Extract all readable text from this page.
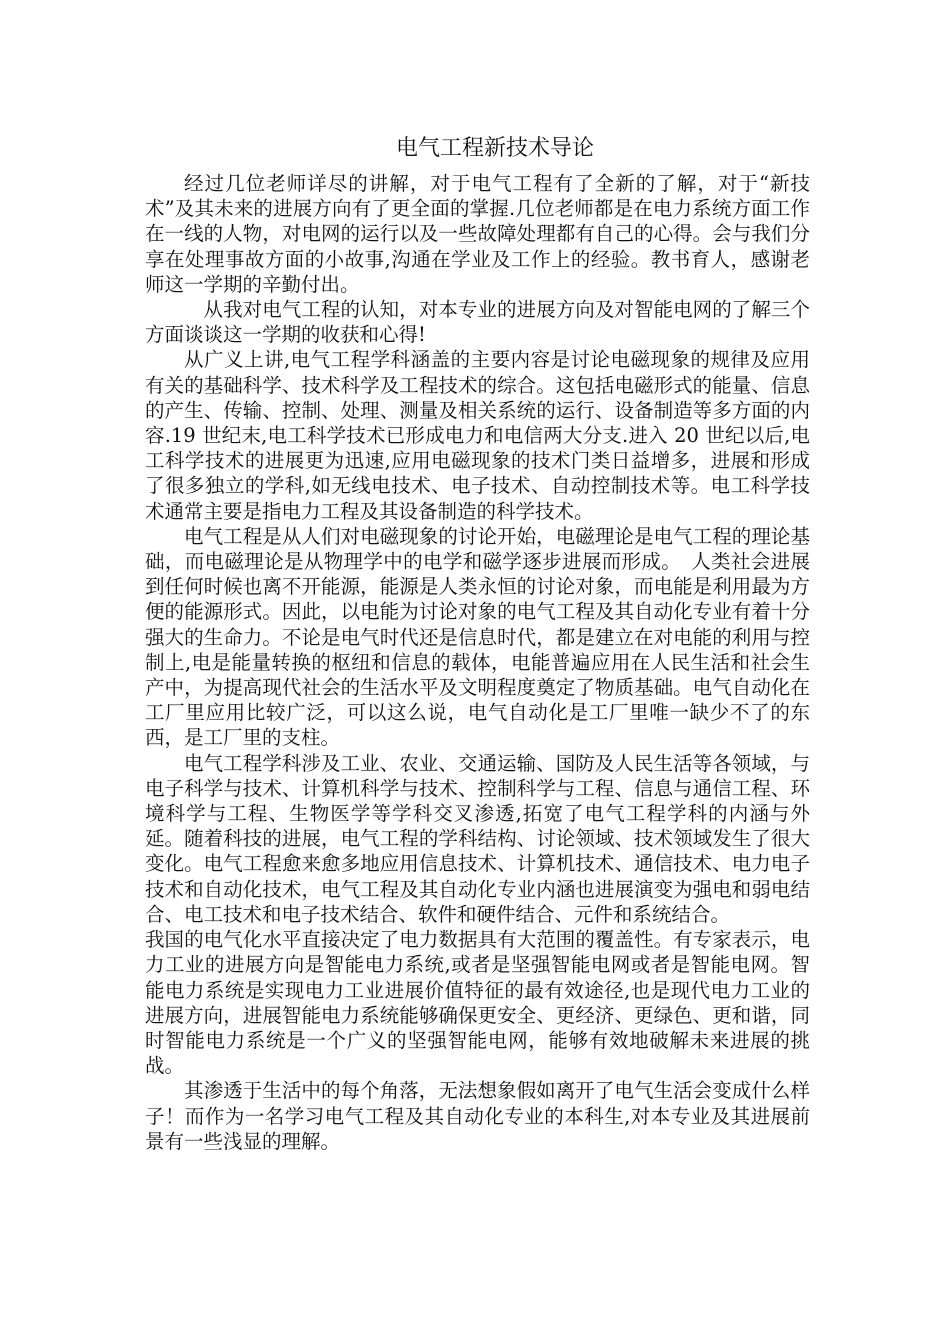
电气工程新技术导论

经过几位老师详尽的讲解，对于电气工程有了全新的了解，对于“新技术”及其未来的进展方向有了更全面的掌握.几位老师都是在电力系统方面工作在一线的人物，对电网的运行以及一些故障处理都有自己的心得。会与我们分享在处理事故方面的小故事,沟通在学业及工作上的经验。教书育人，感谢老师这一学期的辛勤付出。

从我对电气工程的认知，对本专业的进展方向及对智能电网的了解三个方面谈谈这一学期的收获和心得!

从广义上讲,电气工程学科涵盖的主要内容是讨论电磁现象的规律及应用有关的基础科学、技术科学及工程技术的综合。这包括电磁形式的能量、信息的产生、传输、控制、处理、测量及相关系统的运行、设备制造等多方面的内容.19 世纪末,电工科学技术已形成电力和电信两大分支.进入 20 世纪以后,电工科学技术的进展更为迅速,应用电磁现象的技术门类日益增多，进展和形成了很多独立的学科,如无线电技术、电子技术、自动控制技术等。电工科学技术通常主要是指电力工程及其设备制造的科学技术。

电气工程是从人们对电磁现象的讨论开始，电磁理论是电气工程的理论基础，而电磁理论是从物理学中的电学和磁学逐步进展而形成。　人类社会进展到任何时候也离不开能源，能源是人类永恒的讨论对象，而电能是利用最为方便的能源形式。因此，以电能为讨论对象的电气工程及其自动化专业有着十分强大的生命力。不论是电气时代还是信息时代，都是建立在对电能的利用与控制上,电是能量转换的枢纽和信息的载体，电能普遍应用在人民生活和社会生产中，为提高现代社会的生活水平及文明程度奠定了物质基础。电气自动化在工厂里应用比较广泛，可以这么说，电气自动化是工厂里唯一缺少不了的东西，是工厂里的支柱。

电气工程学科涉及工业、农业、交通运输、国防及人民生活等各领域，与电子科学与技术、计算机科学与技术、控制科学与工程、信息与通信工程、环境科学与工程、生物医学等学科交叉渗透,拓宽了电气工程学科的内涵与外延。随着科技的进展，电气工程的学科结构、讨论领域、技术领域发生了很大变化。电气工程愈来愈多地应用信息技术、计算机技术、通信技术、电力电子技术和自动化技术，电气工程及其自动化专业内涵也进展演变为强电和弱电结合、电工技术和电子技术结合、软件和硬件结合、元件和系统结合。

我国的电气化水平直接决定了电力数据具有大范围的覆盖性。有专家表示，电力工业的进展方向是智能电力系统,或者是坚强智能电网或者是智能电网。智能电力系统是实现电力工业进展价值特征的最有效途径,也是现代电力工业的进展方向，进展智能电力系统能够确保更安全、更经济、更绿色、更和谐，同时智能电力系统是一个广义的坚强智能电网，能够有效地破解未来进展的挑战。

其渗透于生活中的每个角落，无法想象假如离开了电气生活会变成什么样子！而作为一名学习电气工程及其自动化专业的本科生,对本专业及其进展前景有一些浅显的理解。
